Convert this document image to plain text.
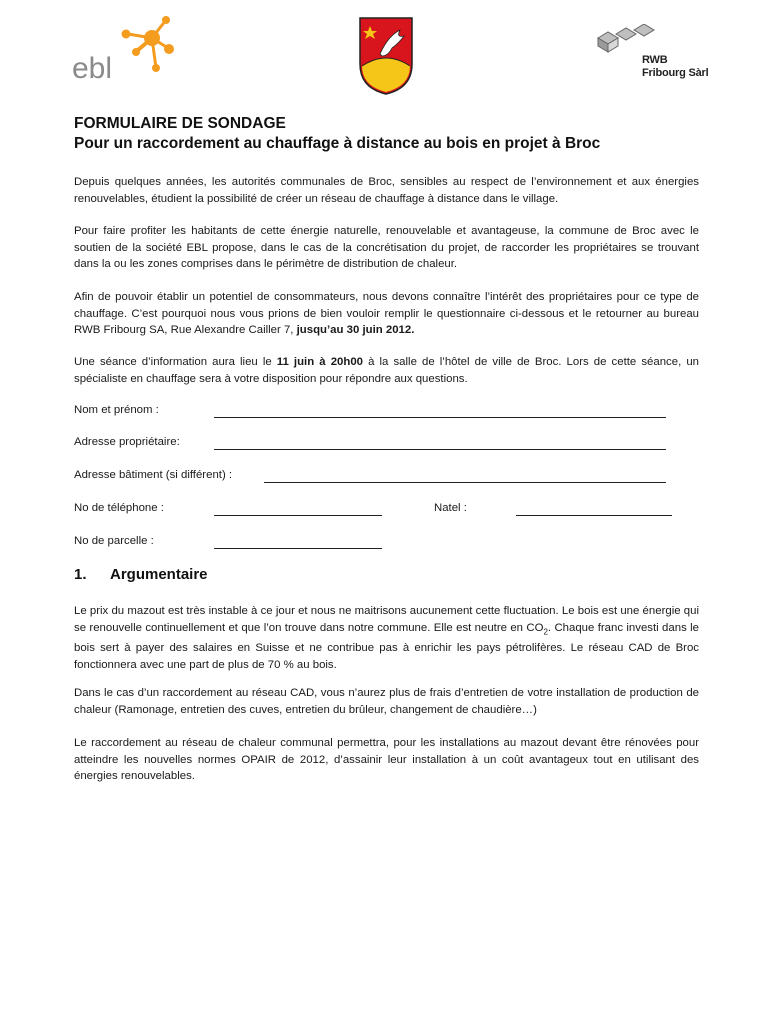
ebl	RWB
Fribourg Sàrl
FORMULAIRE DE SONDAGE
Pour un raccordement au chauffage à distance au bois en projet à Broc

Depuis quelques années, les autorités communales de Broc, sensibles au respect de l’environnement et aux énergies renouvelables, étudient la possibilité de créer un réseau de chauffage à distance dans le village.

Pour faire profiter les habitants de cette énergie naturelle, renouvelable et avantageuse, la commune de Broc avec le soutien de la société EBL propose, dans le cas de la concrétisation du projet, de raccorder les propriétaires se trouvant dans la ou les zones comprises dans le périmètre de distribution de chaleur.

Afin de pouvoir établir un potentiel de consommateurs, nous devons connaître l’intérêt des propriétaires pour ce type de chauffage. C’est pourquoi nous vous prions de bien vouloir remplir le questionnaire ci-dessous et le retourner au bureau RWB Fribourg SA, Rue Alexandre Cailler 7, jusqu’au 30 juin 2012.

Une séance d’information aura lieu le 11 juin à 20h00 à la salle de l’hôtel de ville de Broc. Lors de cette séance, un spécialiste en chauffage sera à votre disposition pour répondre aux questions.

Nom et prénom :
Adresse propriétaire:
Adresse bâtiment (si différent) :
No de téléphone :	Natel :
No de parcelle :
1. Argumentaire

Le prix du mazout est très instable à ce jour et nous ne maitrisons aucunement cette fluctuation. Le bois est une énergie qui se renouvelle continuellement et que l’on trouve dans notre commune. Elle est neutre en $CO_2$. Chaque franc investi dans le bois sert à payer des salaires en Suisse et ne contribue pas à enrichir les pays pétrolifères. Le réseau CAD de Broc fonctionnera avec une part de plus de 70 % au bois.

Dans le cas d’un raccordement au réseau CAD, vous n’aurez plus de frais d’entretien de votre installation de production de chaleur (Ramonage, entretien des cuves, entretien du brûleur, changement de chaudière…)

Le raccordement au réseau de chaleur communal permettra, pour les installations au mazout devant être rénovées pour atteindre les nouvelles normes OPAIR de 2012, d’assainir leur installation à un coût avantageux tout en utilisant des énergies renouvelables.
